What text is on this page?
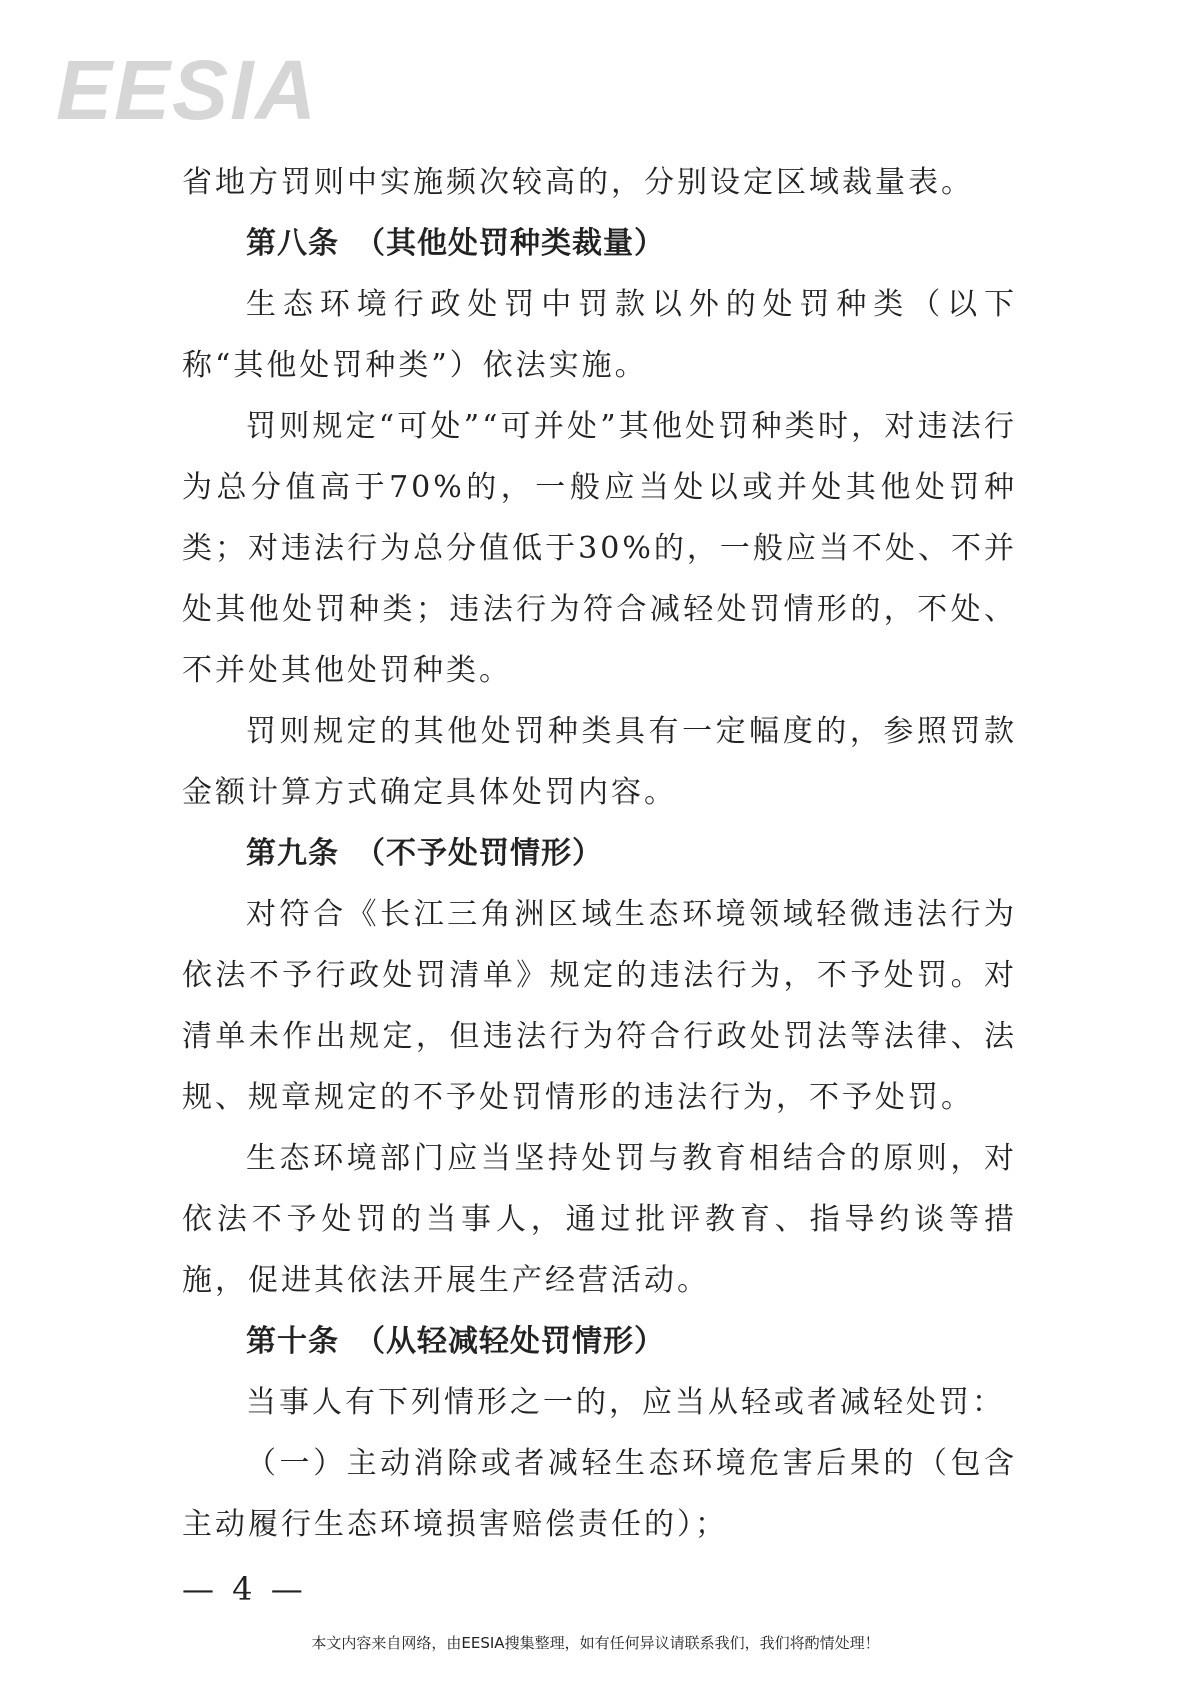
EESIA

省地方罚则中实施频次较高的，分别设定区域裁量表。

第八条　（其他处罚种类裁量）

生态环境行政处罚中罚款以外的处罚种类（以下称“其他处罚种类”）依法实施。

罚则规定“可处”“可并处”其他处罚种类时，对违法行为总分值高于70%的，一般应当处以或并处其他处罚种类；对违法行为总分值低于30%的，一般应当不处、不并处其他处罚种类；违法行为符合减轻处罚情形的，不处、不并处其他处罚种类。

罚则规定的其他处罚种类具有一定幅度的，参照罚款金额计算方式确定具体处罚内容。

第九条　（不予处罚情形）

对符合《长江三角洲区域生态环境领域轻微违法行为依法不予行政处罚清单》规定的违法行为，不予处罚。对清单未作出规定，但违法行为符合行政处罚法等法律、法规、规章规定的不予处罚情形的违法行为，不予处罚。

生态环境部门应当坚持处罚与教育相结合的原则，对依法不予处罚的当事人，通过批评教育、指导约谈等措施，促进其依法开展生产经营活动。

第十条　（从轻减轻处罚情形）

当事人有下列情形之一的，应当从轻或者减轻处罚：

（一）主动消除或者减轻生态环境危害后果的（包含主动履行生态环境损害赔偿责任的）；

— 4 —
本文内容来自网络，由EESIA搜集整理，如有任何异议请联系我们，我们将酌情处理！
